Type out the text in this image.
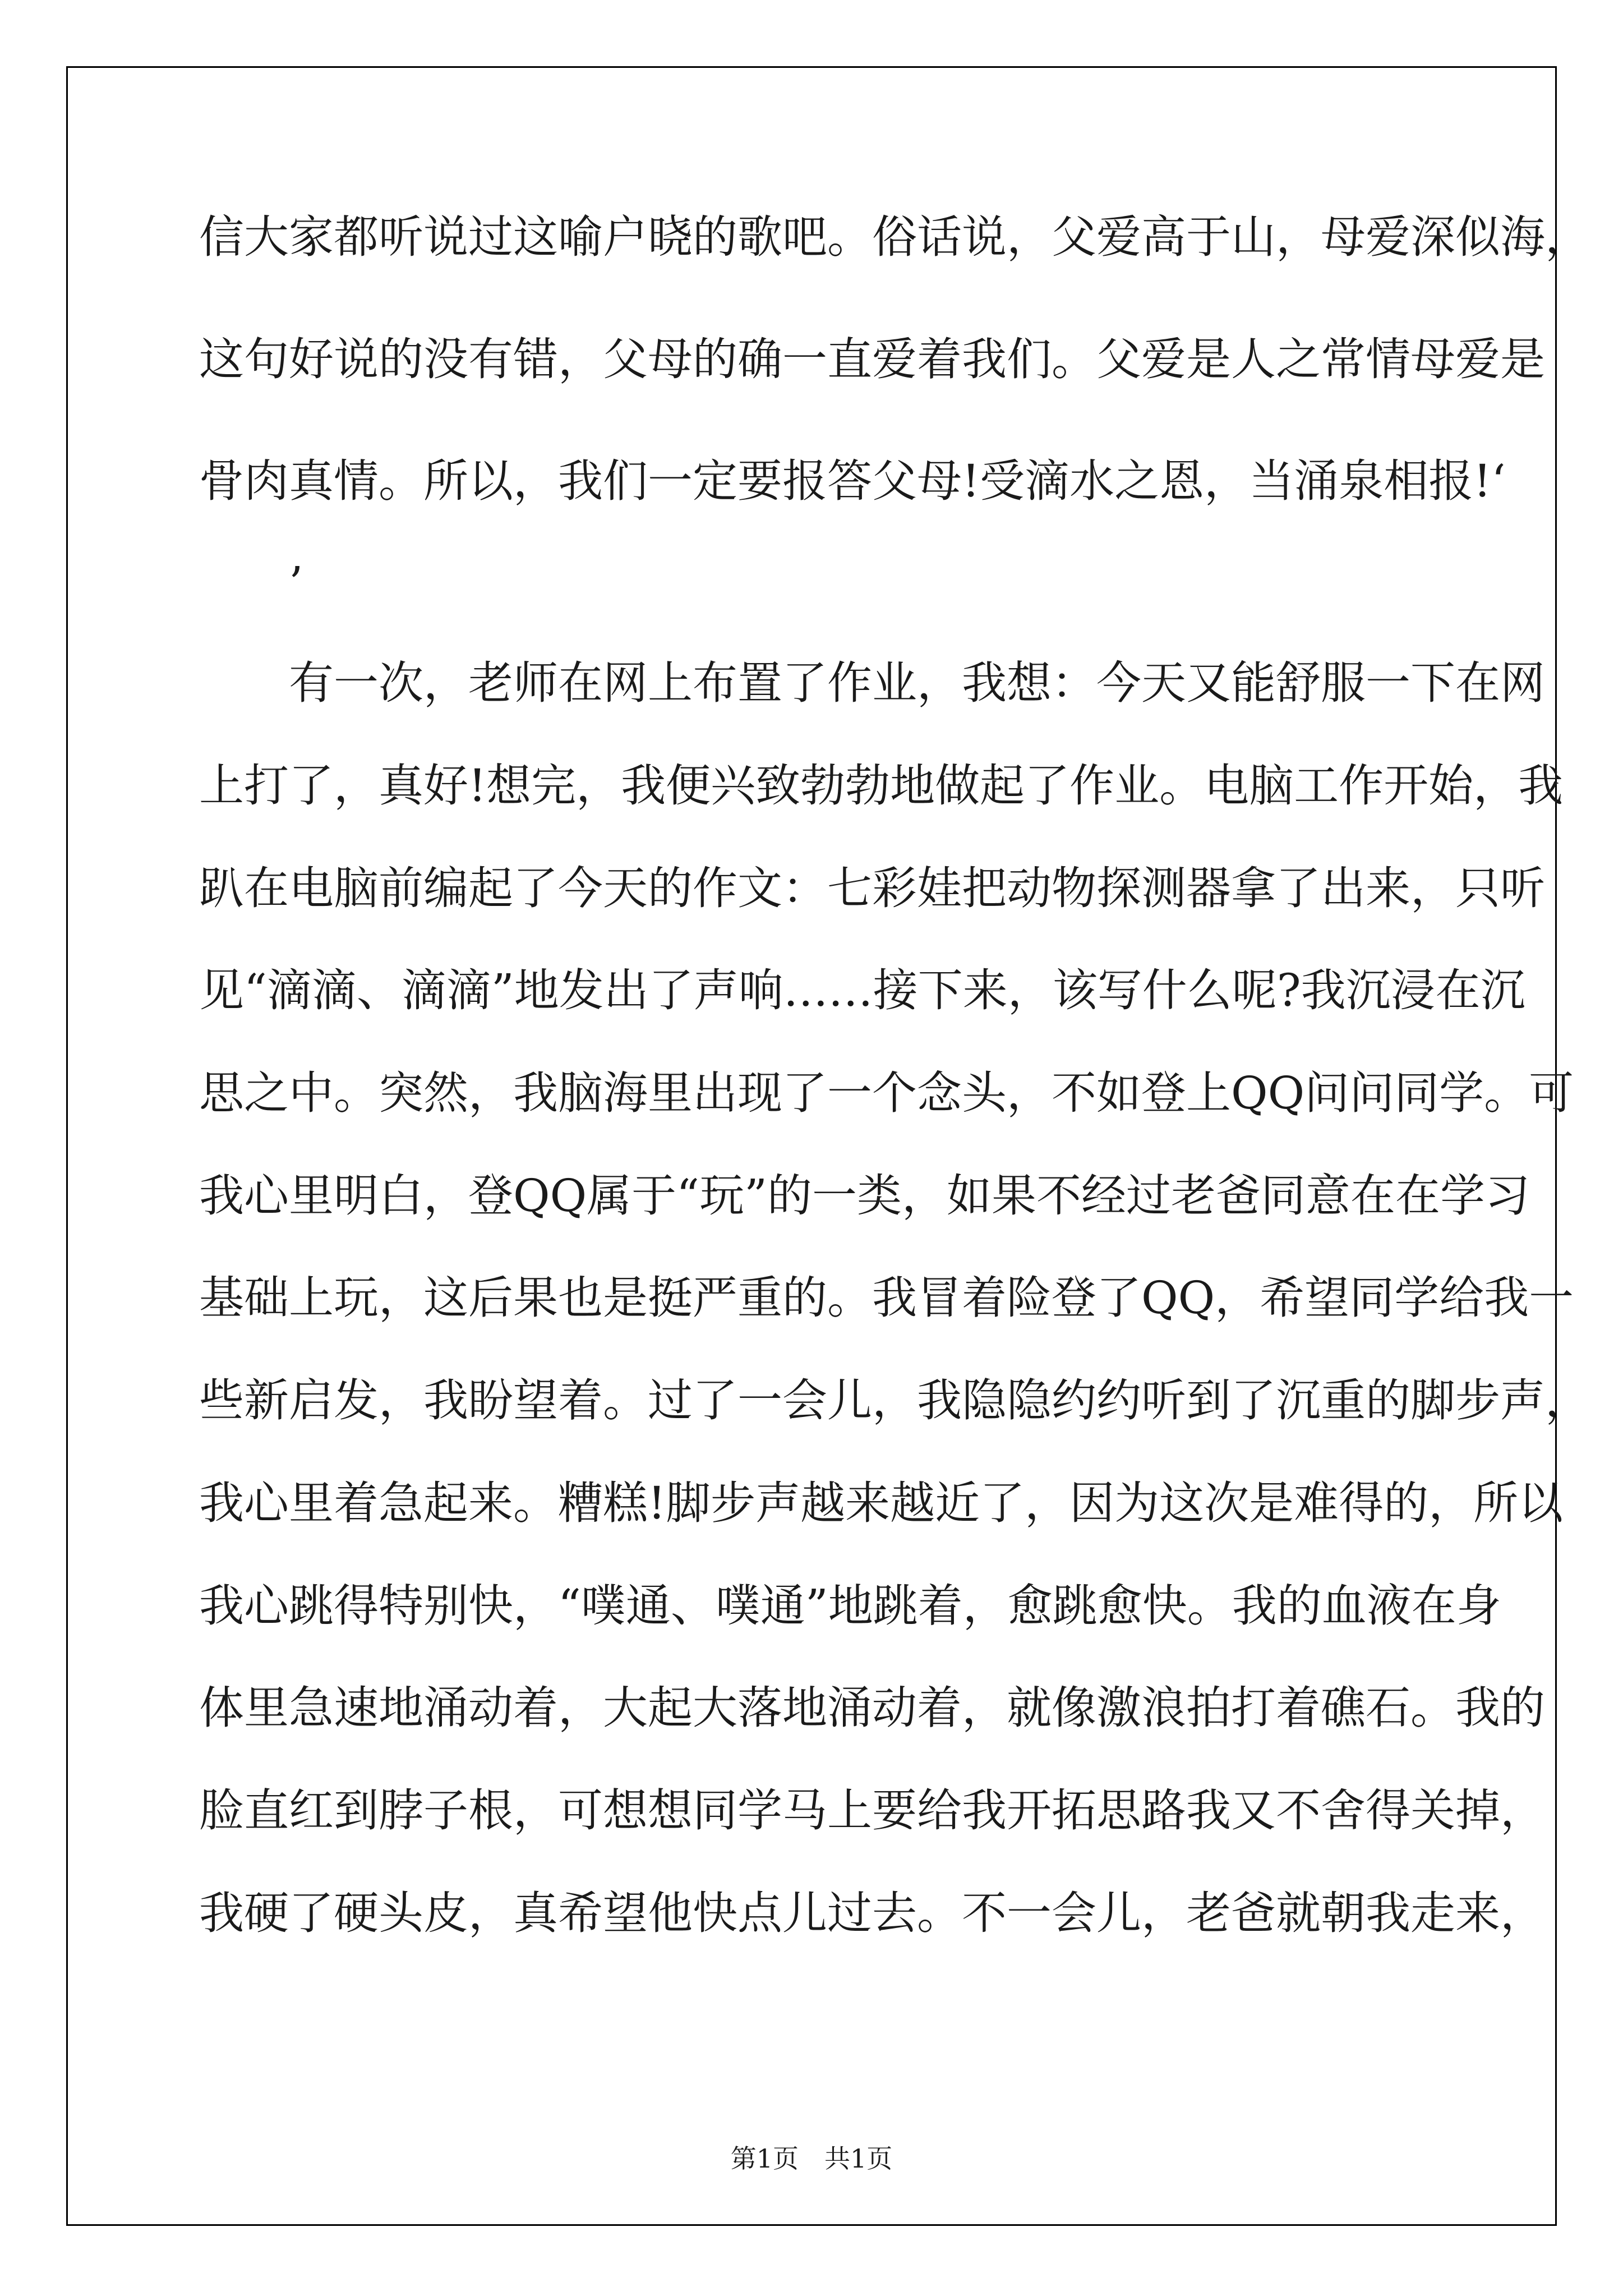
信大家都听说过这喻户晓的歌吧。俗话说，父爱高于山，母爱深似海，
这句好说的没有错，父母的确一直爱着我们。父爱是人之常情母爱是
骨肉真情。所以，我们一定要报答父母!受滴水之恩，当涌泉相报!‘
　　’
　　有一次，老师在网上布置了作业，我想：今天又能舒服一下在网
上打了，真好!想完，我便兴致勃勃地做起了作业。电脑工作开始，我
趴在电脑前编起了今天的作文：七彩娃把动物探测器拿了出来，只听
见“滴滴、滴滴”地发出了声响……接下来，该写什么呢?我沉浸在沉
思之中。突然，我脑海里出现了一个念头，不如登上QQ问问同学。可
我心里明白，登QQ属于“玩”的一类，如果不经过老爸同意在在学习
基础上玩，这后果也是挺严重的。我冒着险登了QQ，希望同学给我一
些新启发，我盼望着。过了一会儿，我隐隐约约听到了沉重的脚步声，
我心里着急起来。糟糕!脚步声越来越近了，因为这次是难得的，所以
我心跳得特别快，“噗通、噗通”地跳着，愈跳愈快。我的血液在身
体里急速地涌动着，大起大落地涌动着，就像激浪拍打着礁石。我的
脸直红到脖子根，可想想同学马上要给我开拓思路我又不舍得关掉，
我硬了硬头皮，真希望他快点儿过去。不一会儿，老爸就朝我走来，
第1页　共1页
